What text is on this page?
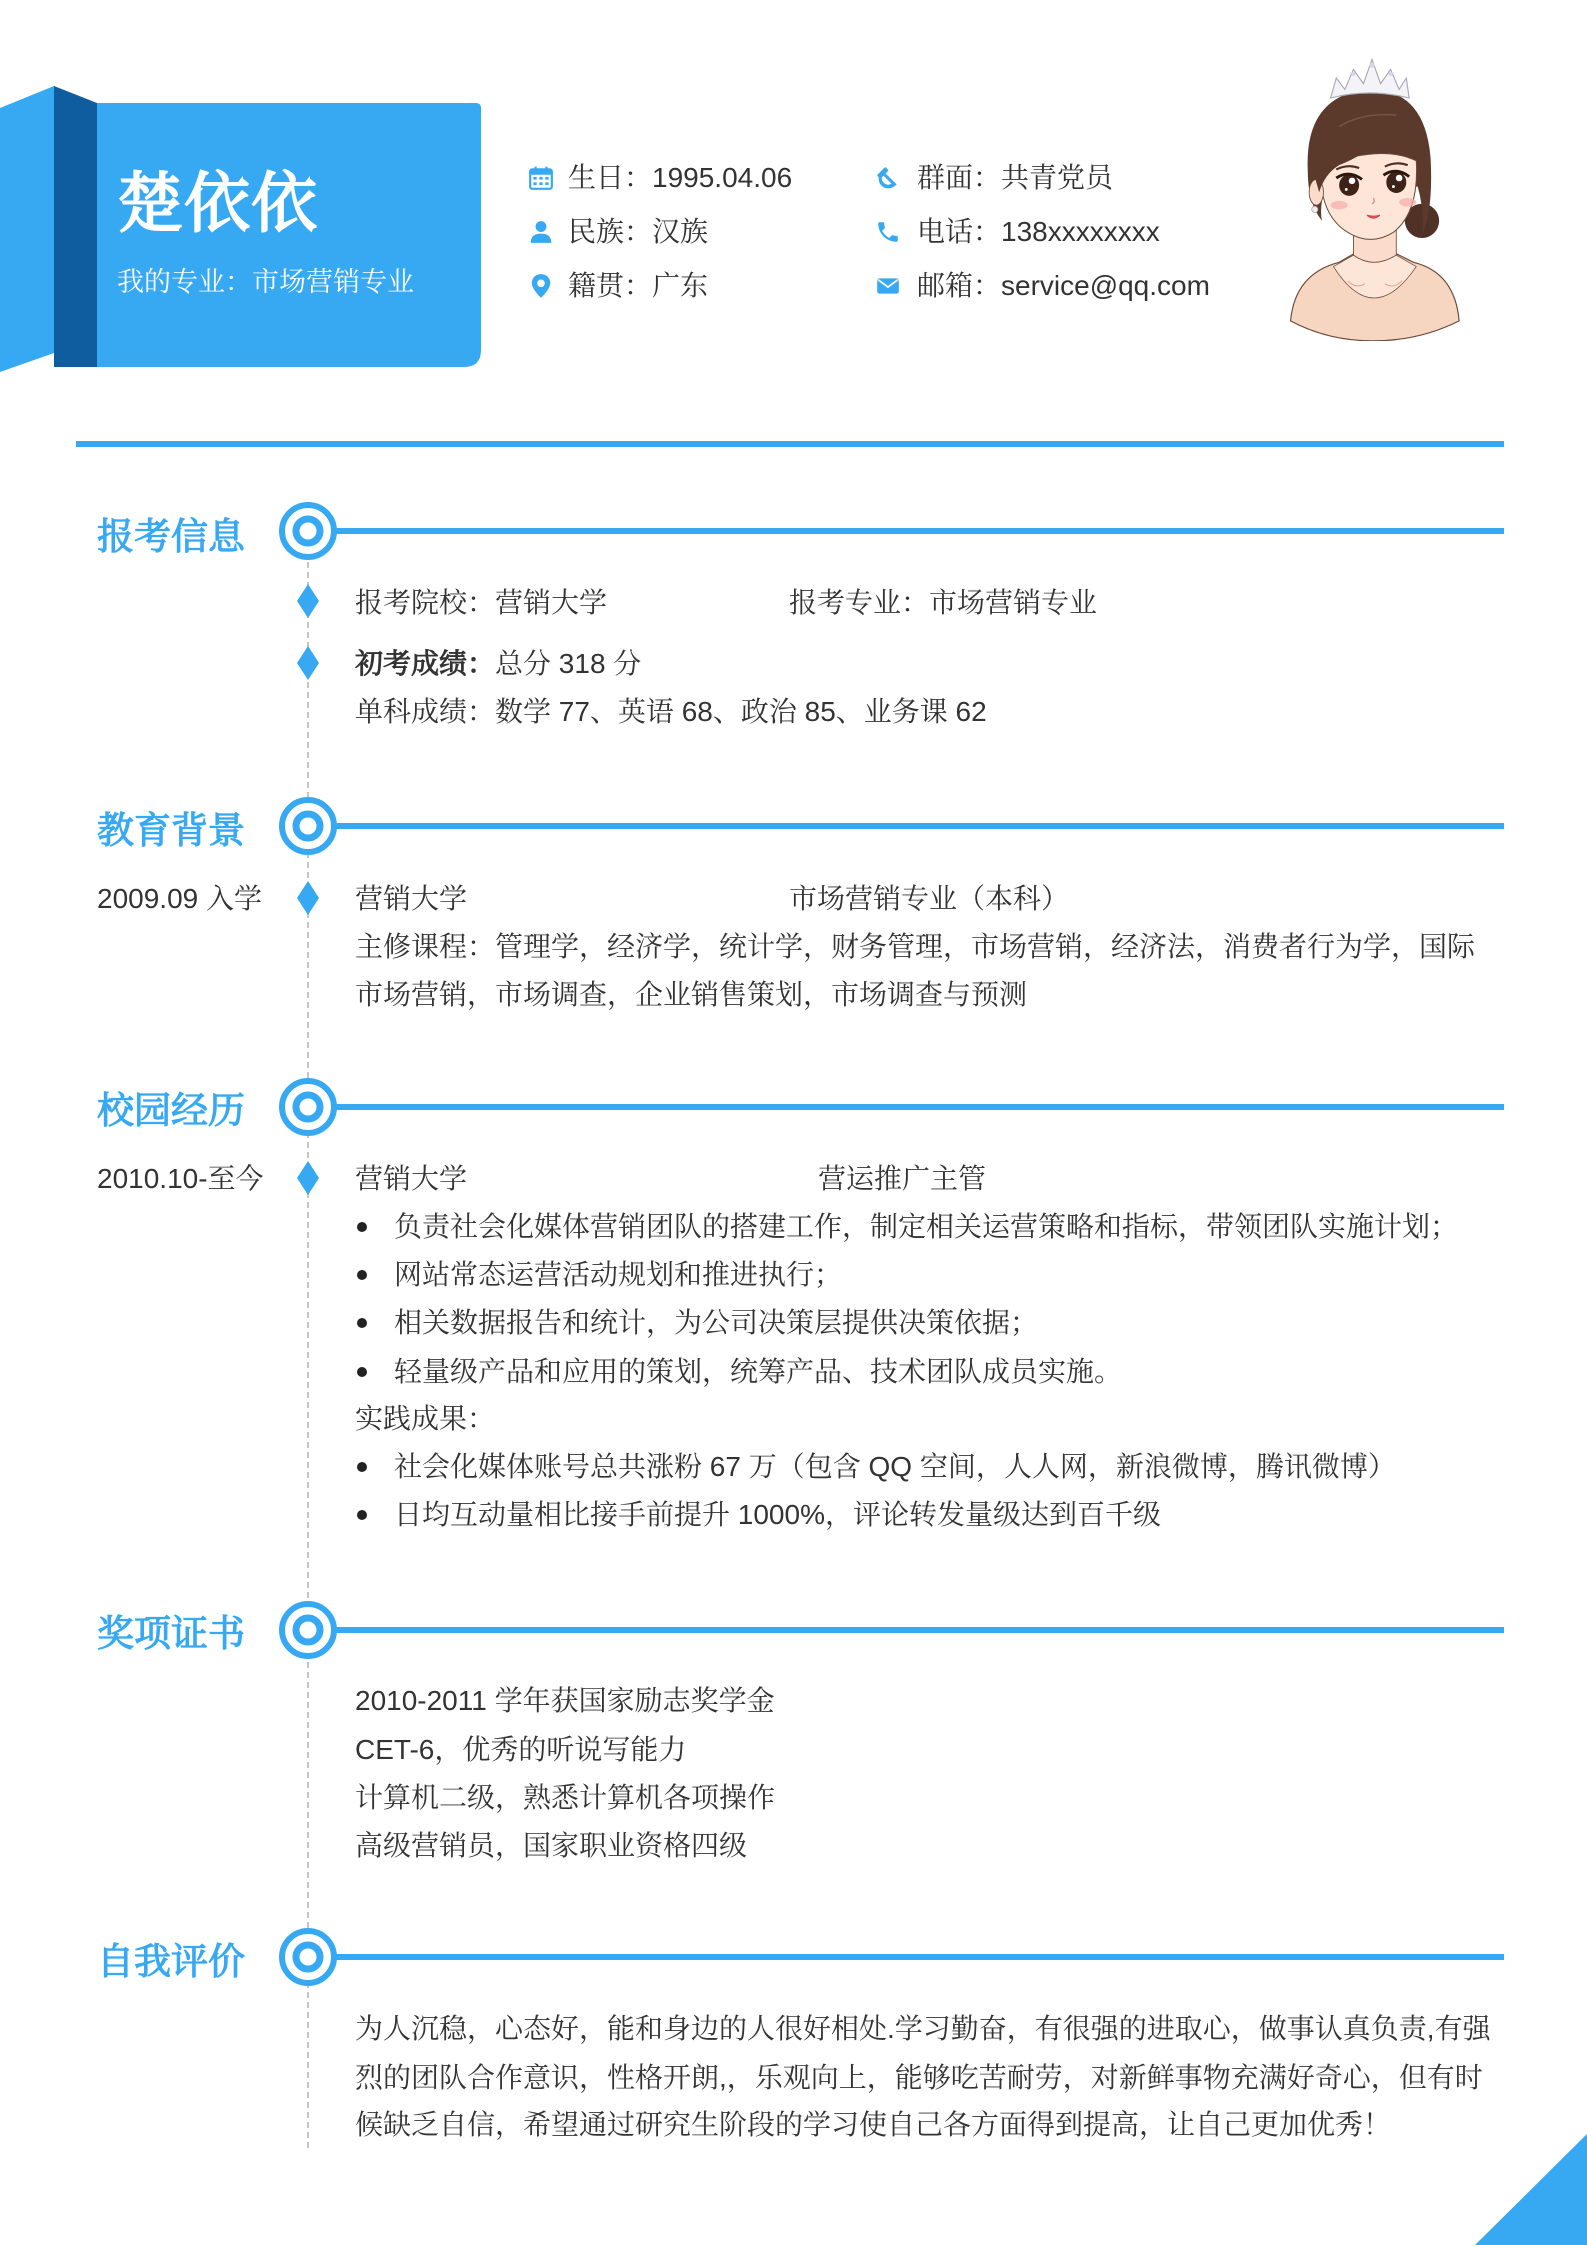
楚依依
我的专业：市场营销专业
生日：1995.04.06
民族：汉族
籍贯：广东
群面：共青党员
电话：138xxxxxxxx
邮箱：service@qq.com
报考信息
报考院校：营销大学	报考专业：市场营销专业
初考成绩：总分 318 分
单科成绩：数学 77、英语 68、政治 85、业务课 62
教育背景
2009.09 入学	营销大学	市场营销专业（本科）
主修课程：管理学，经济学，统计学，财务管理，市场营销，经济法，消费者行为学，国际
市场营销，市场调查，企业销售策划，市场调查与预测
校园经历
2010.10-至今	营销大学	营运推广主管
负责社会化媒体营销团队的搭建工作，制定相关运营策略和指标，带领团队实施计划；
网站常态运营活动规划和推进执行；
相关数据报告和统计，为公司决策层提供决策依据；
轻量级产品和应用的策划，统筹产品、技术团队成员实施。
实践成果：
社会化媒体账号总共涨粉 67 万（包含 QQ 空间，人人网，新浪微博，腾讯微博）
日均互动量相比接手前提升 1000%，评论转发量级达到百千级
奖项证书
2010-2011 学年获国家励志奖学金
CET-6，优秀的听说写能力
计算机二级，熟悉计算机各项操作
高级营销员，国家职业资格四级
自我评价
为人沉稳，心态好，能和身边的人很好相处.学习勤奋，有很强的进取心，做事认真负责,有强
烈的团队合作意识，性格开朗,，乐观向上，能够吃苦耐劳，对新鲜事物充满好奇心，但有时
候缺乏自信，希望通过研究生阶段的学习使自己各方面得到提高，让自己更加优秀！
